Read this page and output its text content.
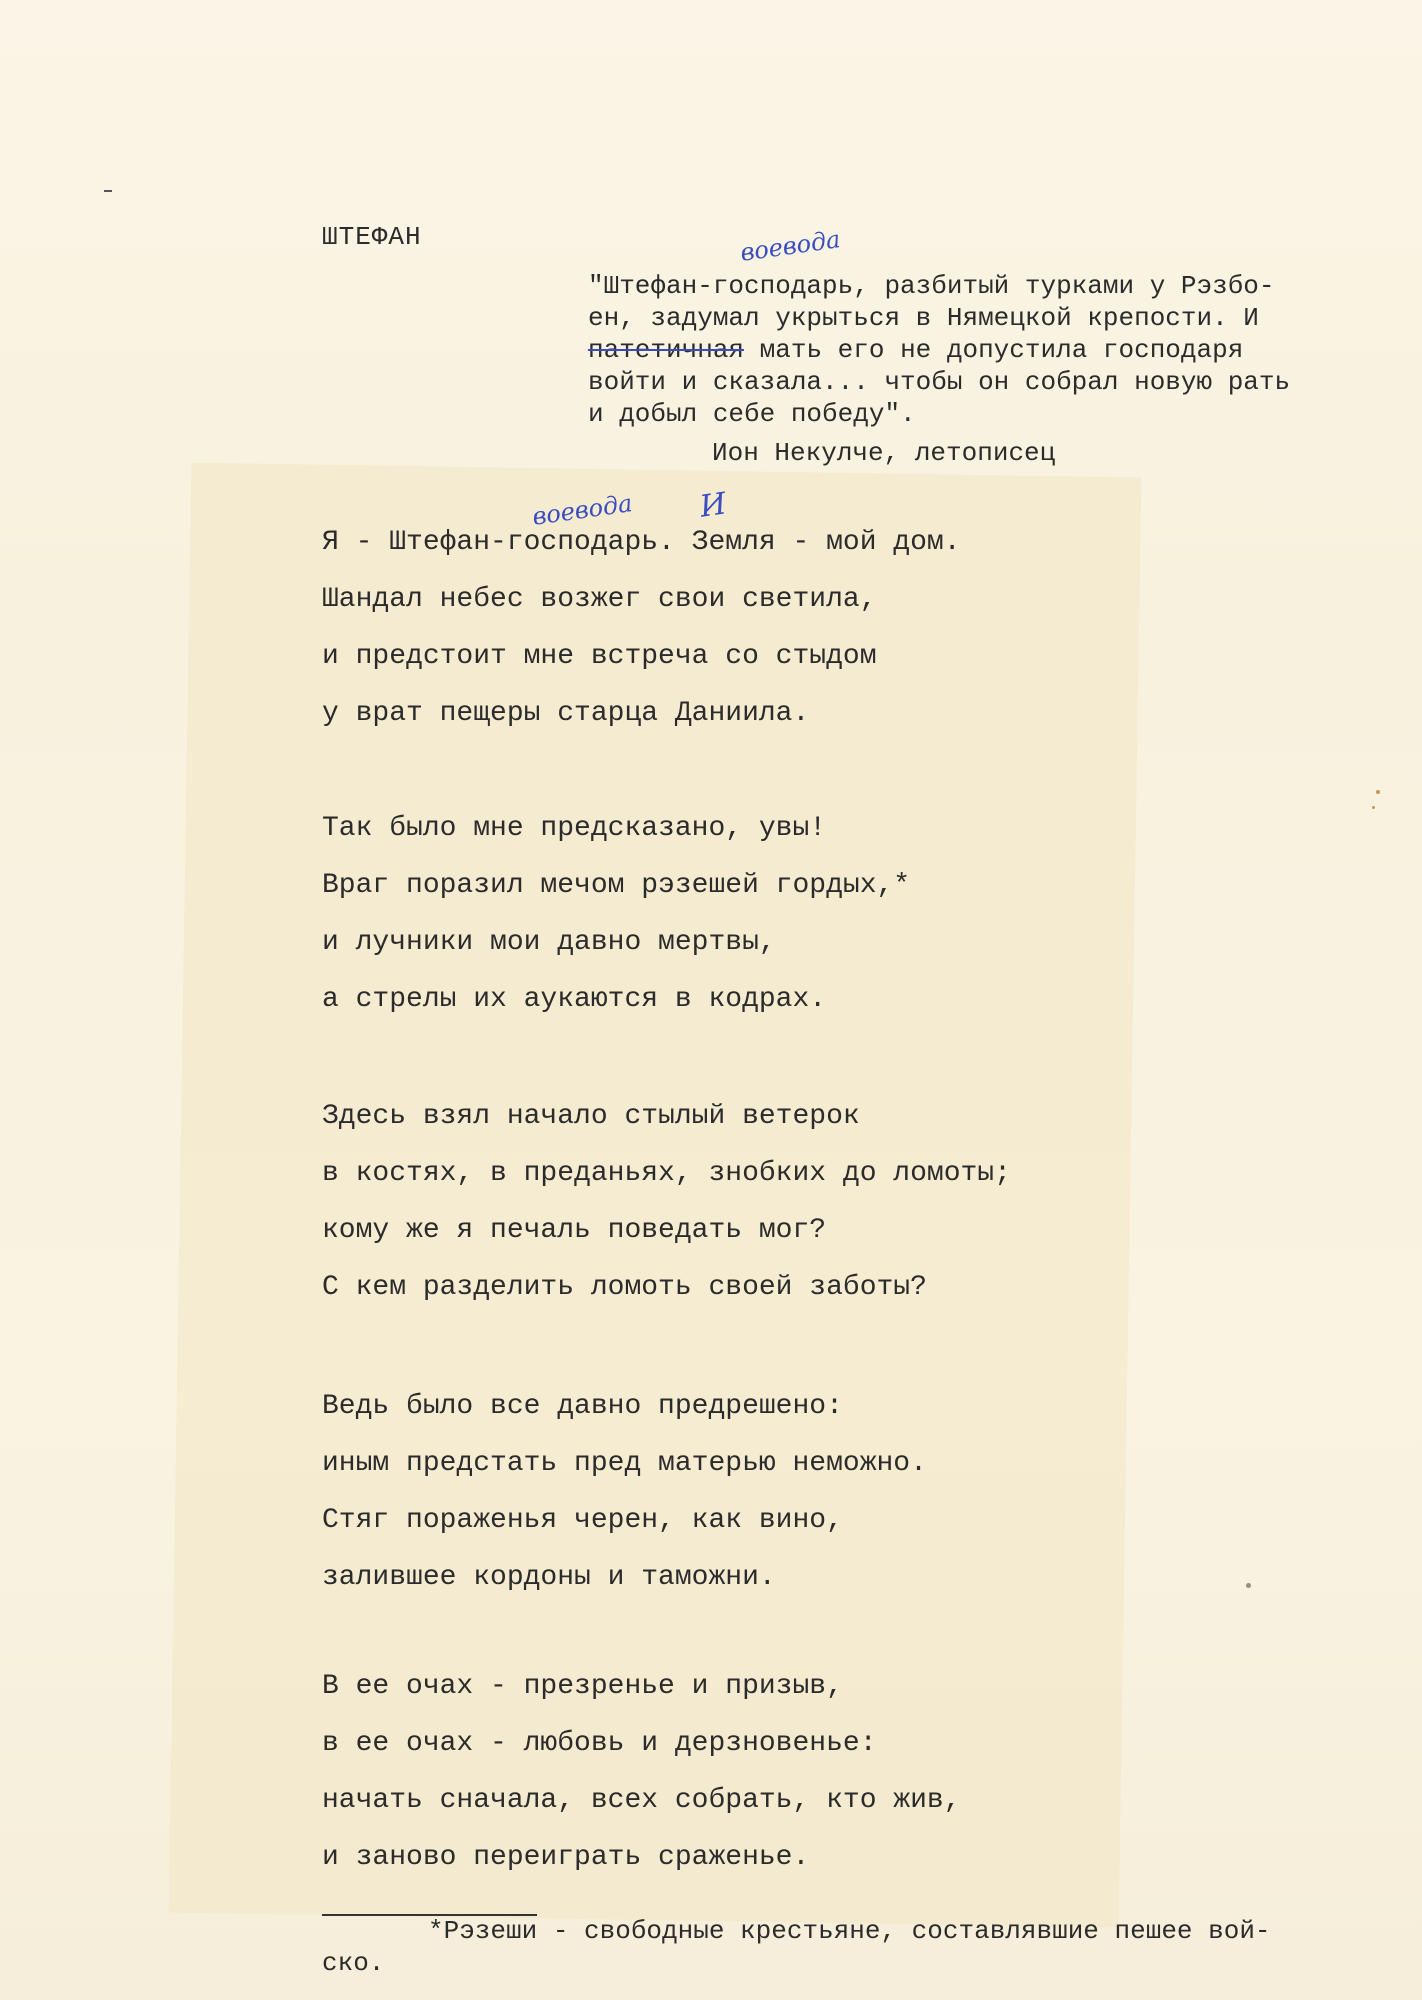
ШТЕФАН	воевода
"Штефан-господарь, разбитый турками у Рэзбо-
ен, задумал укрыться в Нямецкой крепости. И
патетичная мать его не допустила господаря
войти и сказала... чтобы он собрал новую рать
и добыл себе победу".
Ион Некулче, летописец
воевода И
Я - Штефан-господарь. Земля - мой дом.
Шандал небес возжег свои светила,
и предстоит мне встреча со стыдом
у врат пещеры старца Даниила.
Так было мне предсказано, увы!
Враг поразил мечом рэзешей гордых,*
и лучники мои давно мертвы,
а стрелы их аукаются в кодрах.
Здесь взял начало стылый ветерок
в костях, в преданьях, знобких до ломоты;
кому же я печаль поведать мог?
С кем разделить ломоть своей заботы?
Ведь было все давно предрешено:
иным предстать пред матерью неможно.
Стяг пораженья черен, как вино,
залившее кордоны и таможни.
В ее очах - презренье и призыв,
в ее очах - любовь и дерзновенье:
начать сначала, всех собрать, кто жив,
и заново переиграть сраженье.
*Рэзеши - свободные крестьяне, составлявшие пешее вой-
ско.
